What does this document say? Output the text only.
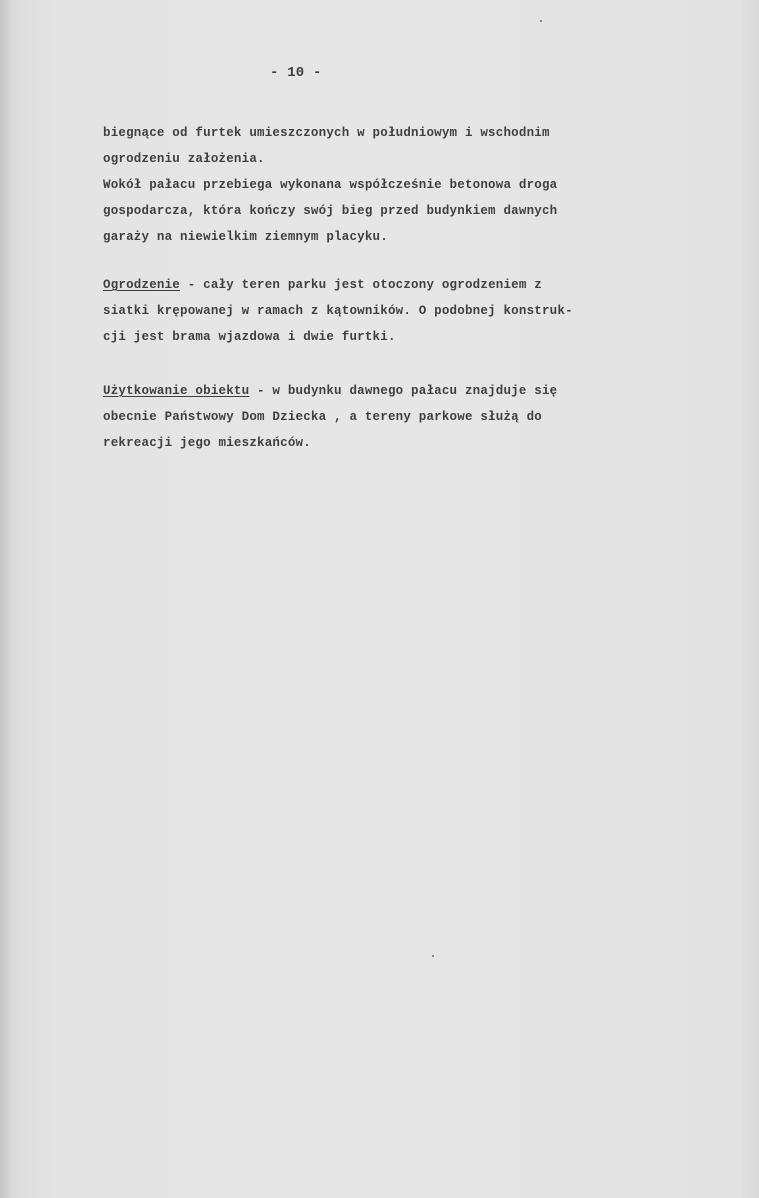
- 10 -

biegnące od furtek umieszczonych w południowym i wschodnim

ogrodzeniu założenia.

Wokół pałacu przebiega wykonana współcześnie betonowa droga

gospodarcza, która kończy swój bieg przed budynkiem dawnych

garaży na niewielkim ziemnym placyku.

Ogrodzenie - cały teren parku jest otoczony ogrodzeniem z

siatki krępowanej w ramach z kątowników. O podobnej konstruk-

cji jest brama wjazdowa i dwie furtki.

Użytkowanie obiektu - w budynku dawnego pałacu znajduje się

obecnie Państwowy Dom Dziecka , a tereny parkowe służą do

rekreacji jego mieszkańców.
